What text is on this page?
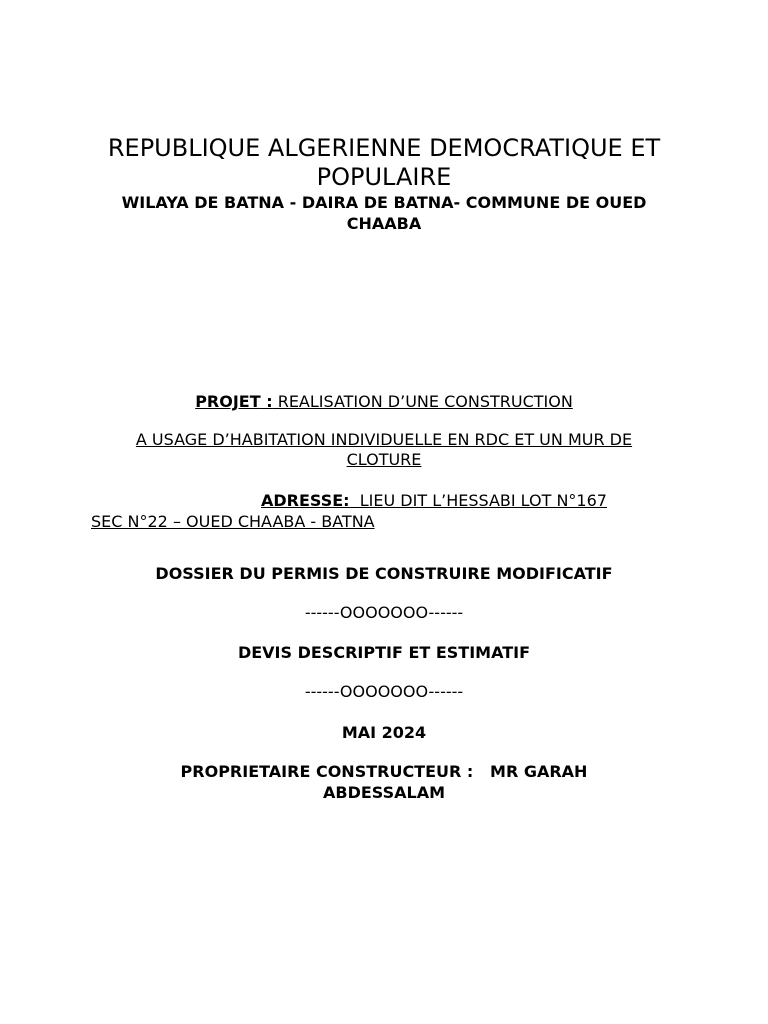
REPUBLIQUE ALGERIENNE DEMOCRATIQUE ET POPULAIRE
WILAYA DE BATNA - DAIRA DE BATNA- COMMUNE DE OUED CHAABA
PROJET : REALISATION D’UNE CONSTRUCTION
A USAGE D’HABITATION INDIVIDUELLE EN RDC ET UN MUR DE CLOTURE
ADRESSE:  LIEU DIT L’HESSABI LOT N°167
SEC N°22 – OUED CHAABA - BATNA
DOSSIER DU PERMIS DE CONSTRUIRE MODIFICATIF
------OOOOOOO------
DEVIS DESCRIPTIF ET ESTIMATIF
------OOOOOOO------
MAI 2024
PROPRIETAIRE CONSTRUCTEUR :   MR GARAH ABDESSALAM
